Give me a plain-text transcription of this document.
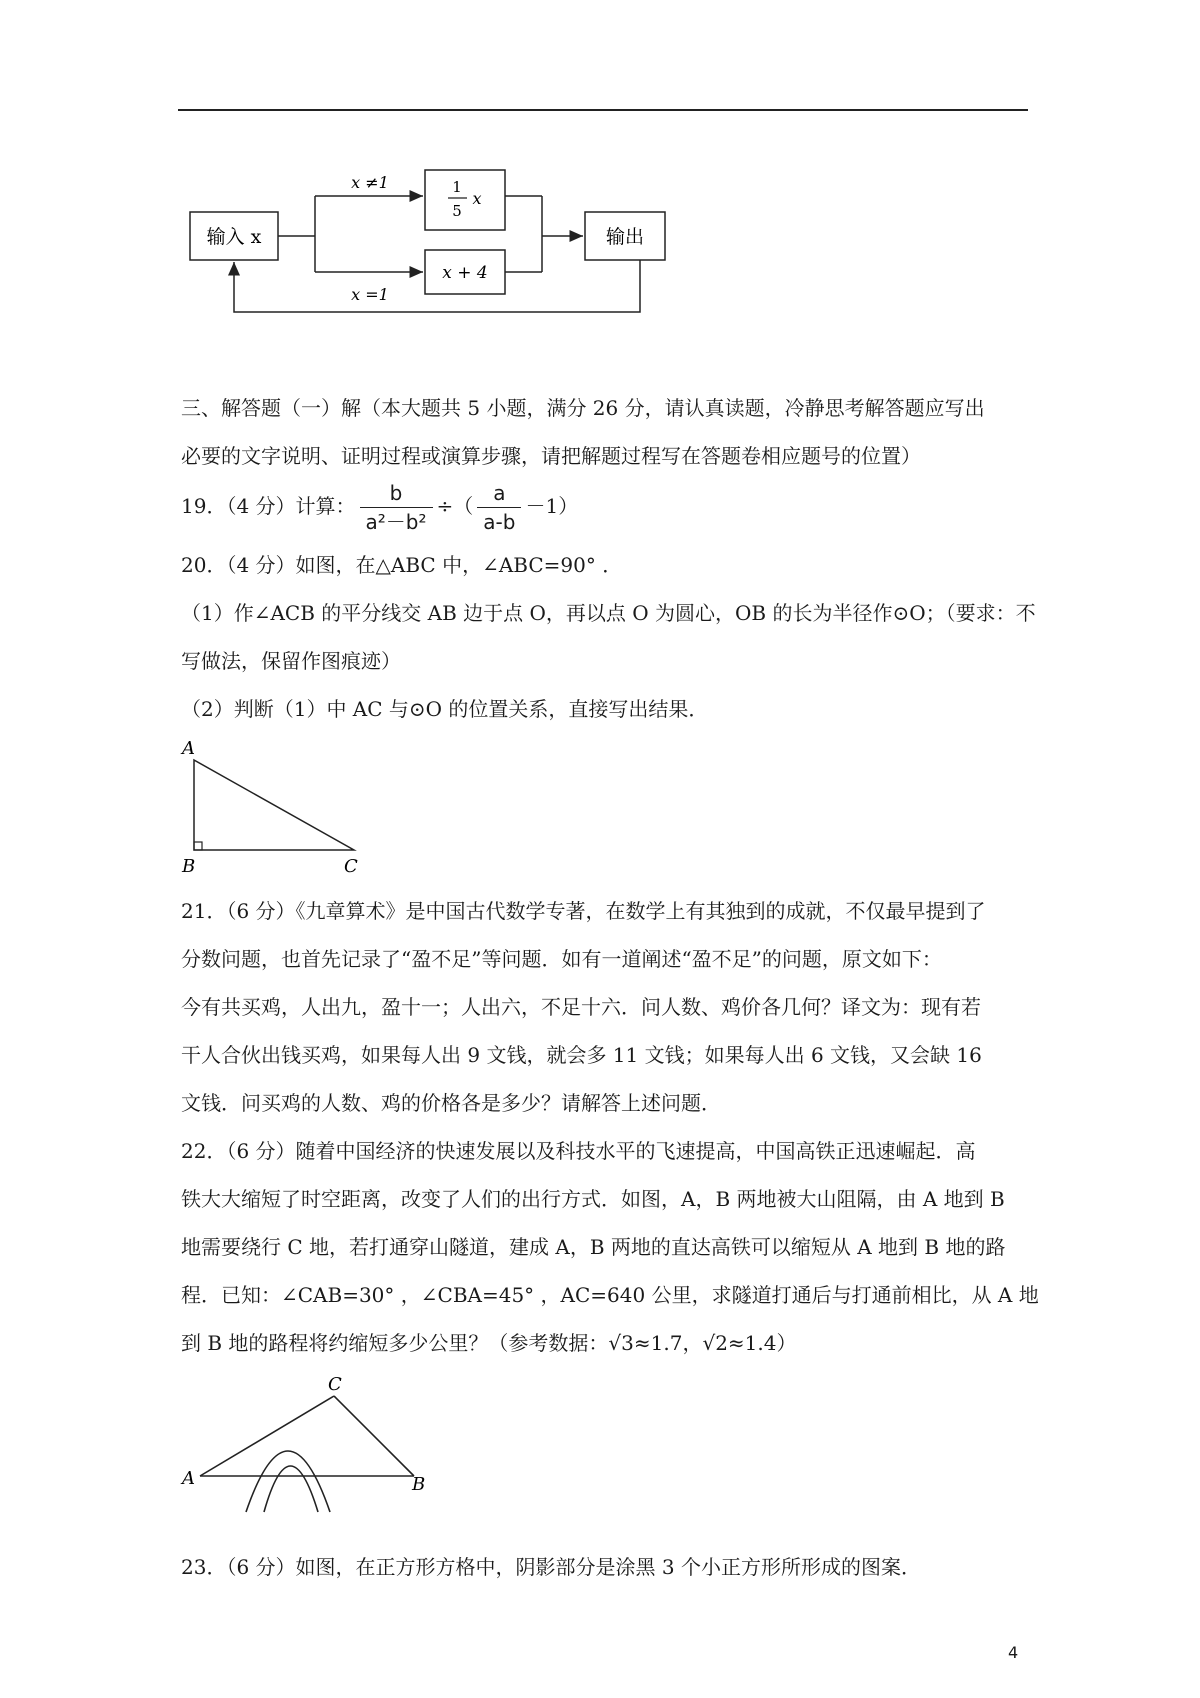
输入 x
1
5
x
x + 4
输出
x ≠1
x =1
三、解答题（一）解（本大题共 5 小题，满分 26 分，请认真读题，冷静思考解答题应写出
必要的文字说明、证明过程或演算步骤，请把解题过程写在答题卷相应题号的位置）
19．（4 分）计算： $\frac{b}{\text{a²－b²}}$ ÷（ $\frac{a}{a-b} -1$）
20．（4 分）如图，在△ABC 中，∠ABC=90° ．
（1）作∠ACB 的平分线交 AB 边于点 O，再以点 O 为圆心，OB 的长为半径作⊙O；（要求：不
写做法，保留作图痕迹）
（2）判断（1）中 AC 与⊙O 的位置关系，直接写出结果．
A
B	C
21．（6 分）《九章算术》是中国古代数学专著，在数学上有其独到的成就，不仅最早提到了
分数问题，也首先记录了“盈不足”等问题．如有一道阐述“盈不足”的问题，原文如下：
今有共买鸡，人出九，盈十一；人出六，不足十六．问人数、鸡价各几何？译文为：现有若
干人合伙出钱买鸡，如果每人出 9 文钱，就会多 11 文钱；如果每人出 6 文钱，又会缺 16
文钱．问买鸡的人数、鸡的价格各是多少？请解答上述问题．
22．（6 分）随着中国经济的快速发展以及科技水平的飞速提高，中国高铁正迅速崛起．高
铁大大缩短了时空距离，改变了人们的出行方式．如图，A，B 两地被大山阻隔，由 A 地到 B
地需要绕行 C 地，若打通穿山隧道，建成 A，B 两地的直达高铁可以缩短从 A 地到 B 地的路
程．已知：∠CAB=30° ，∠CBA=45° ，AC=640 公里，求隧道打通后与打通前相比，从 A 地
到 B 地的路程将约缩短多少公里？（参考数据：√3≈1.7，√2≈1.4）
A	B
C
23．（6 分）如图，在正方形方格中，阴影部分是涂黑 3 个小正方形所形成的图案．
4
